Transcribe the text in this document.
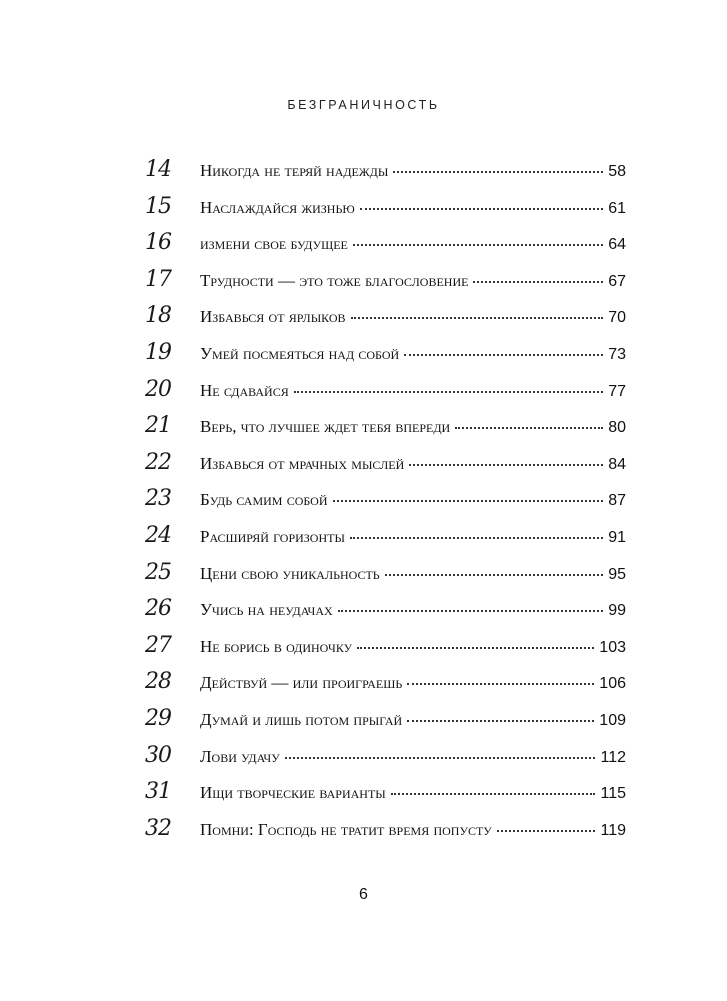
БЕЗГРАНИЧНОСТЬ
14	Никогда не теряй надежды	58
15	Наслаждайся жизнью	61
16	измени свое будущее	64
17	Трудности — это тоже благословение	67
18	Избавься от ярлыков	70
19	Умей посмеяться над собой	73
20	Не сдавайся	77
21	Верь, что лучшее ждет тебя впереди	80
22	Избавься от мрачных мыслей	84
23	Будь самим собой	87
24	Расширяй горизонты	91
25	Цени свою уникальность	95
26	Учись на неудачах	99
27	Не борись в одиночку	103
28	Действуй — или проиграешь	106
29	Думай и лишь потом прыгай	109
30	Лови удачу	112
31	Ищи творческие варианты	115
32	Помни: Господь не тратит время попусту	119
6
